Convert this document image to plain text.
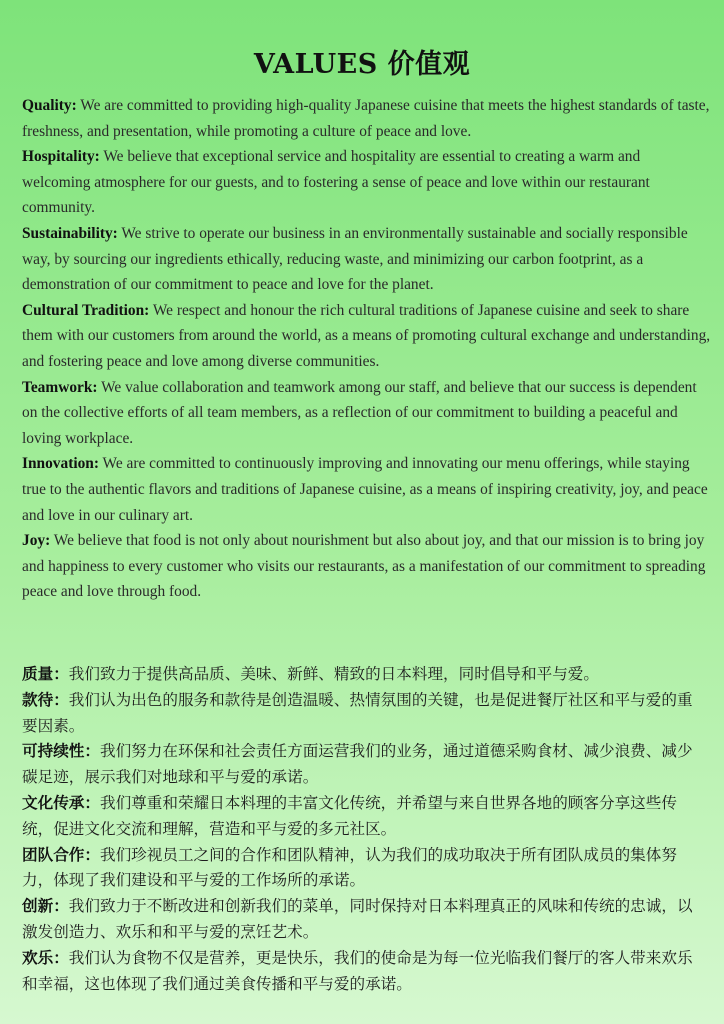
VALUES 价值观

Quality: We are committed to providing high-quality Japanese cuisine that meets the highest standards of taste, freshness, and presentation, while promoting a culture of peace and love.

Hospitality: We believe that exceptional service and hospitality are essential to creating a warm and welcoming atmosphere for our guests, and to fostering a sense of peace and love within our restaurant community.

Sustainability: We strive to operate our business in an environmentally sustainable and socially responsible way, by sourcing our ingredients ethically, reducing waste, and minimizing our carbon footprint, as a demonstration of our commitment to peace and love for the planet.

Cultural Tradition: We respect and honour the rich cultural traditions of Japanese cuisine and seek to share them with our customers from around the world, as a means of promoting cultural exchange and understanding, and fostering peace and love among diverse communities.

Teamwork: We value collaboration and teamwork among our staff, and believe that our success is dependent on the collective efforts of all team members, as a reflection of our commitment to building a peaceful and loving workplace.

Innovation: We are committed to continuously improving and innovating our menu offerings, while staying true to the authentic flavors and traditions of Japanese cuisine, as a means of inspiring creativity, joy, and peace and love in our culinary art.

Joy: We believe that food is not only about nourishment but also about joy, and that our mission is to bring joy and happiness to every customer who visits our restaurants, as a manifestation of our commitment to spreading peace and love through food.

质量：我们致力于提供高品质、美味、新鲜、精致的日本料理，同时倡导和平与爱。

款待：我们认为出色的服务和款待是创造温暖、热情氛围的关键，也是促进餐厅社区和平与爱的重要因素。

可持续性：我们努力在环保和社会责任方面运营我们的业务，通过道德采购食材、减少浪费、减少碳足迹，展示我们对地球和平与爱的承诺。

文化传承：我们尊重和荣耀日本料理的丰富文化传统，并希望与来自世界各地的顾客分享这些传统，促进文化交流和理解，营造和平与爱的多元社区。

团队合作：我们珍视员工之间的合作和团队精神，认为我们的成功取决于所有团队成员的集体努力，体现了我们建设和平与爱的工作场所的承诺。

创新：我们致力于不断改进和创新我们的菜单，同时保持对日本料理真正的风味和传统的忠诚，以激发创造力、欢乐和和平与爱的烹饪艺术。

欢乐：我们认为食物不仅是营养，更是快乐，我们的使命是为每一位光临我们餐厅的客人带来欢乐和幸福，这也体现了我们通过美食传播和平与爱的承诺。
